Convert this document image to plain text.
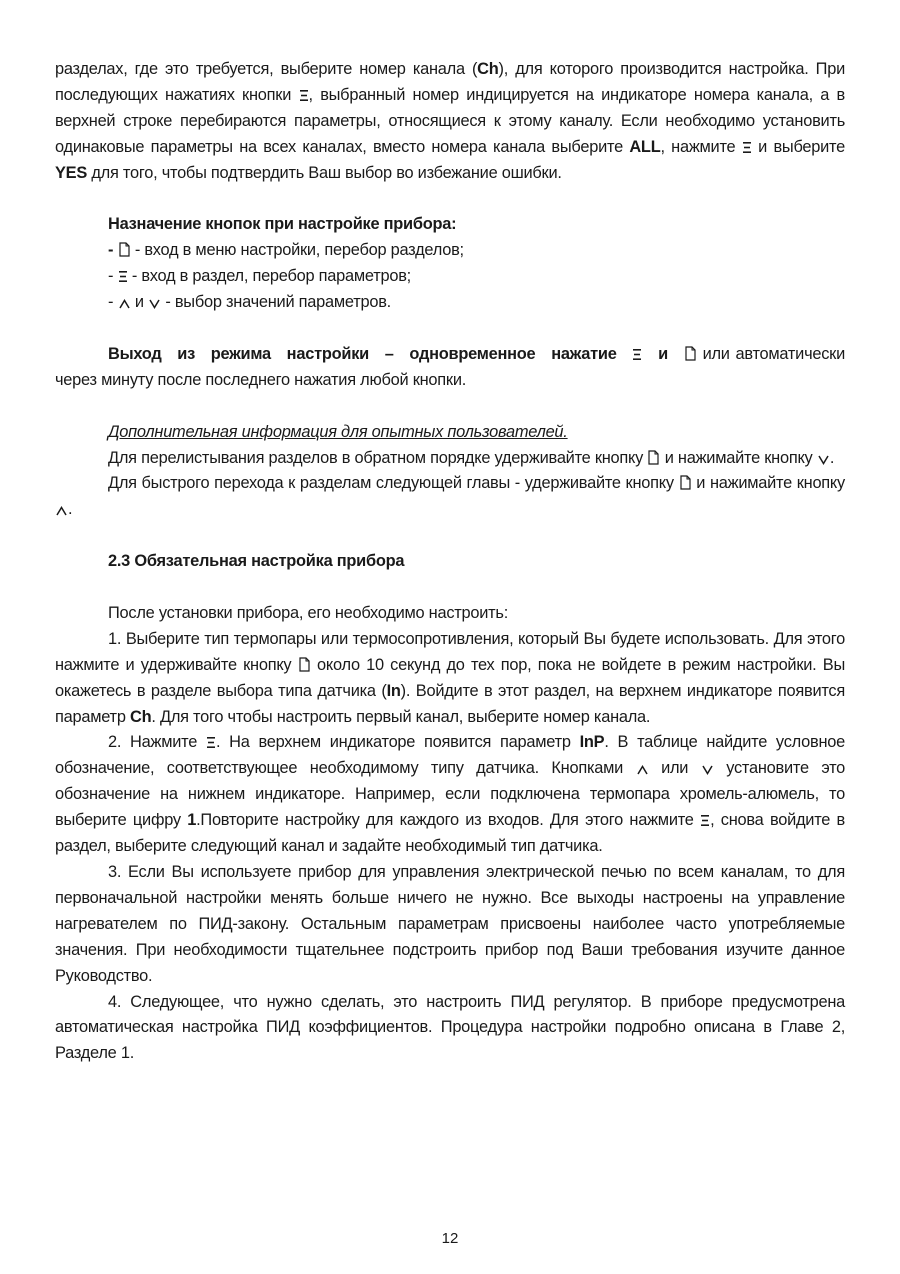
разделах, где это требуется, выберите номер канала (Ch), для которого производится настройка. При последующих нажатиях кнопки
, выбранный номер индицируется на индикаторе номера канала, а в верхней строке перебираются параметры, относящиеся к этому каналу. Если необходимо установить одинаковые параметры на всех каналах, вместо номера канала выберите ALL, нажмите
и выберите YES для того, чтобы подтвердить Ваш выбор во избежание ошибки.

Назначение кнопок при настройке прибора:
-
- вход в меню настройки, перебор разделов;
-
- вход в раздел, перебор параметров;
-
и
- выбор значений параметров.

Выход из режима настройки – одновременное нажатие
и
или автоматически через минуту после последнего нажатия любой кнопки.

Дополнительная информация для опытных пользователей.

Для перелистывания разделов в обратном порядке удерживайте кнопку
и нажимайте кнопку
.

Для быстрого перехода к разделам следующей главы - удерживайте кнопку
и нажимайте кнопку
.

2.3 Обязательная настройка прибора

После установки прибора, его необходимо настроить:

1. Выберите тип термопары или термосопротивления, который Вы будете использовать. Для этого нажмите и удерживайте кнопку
около 10 секунд до тех пор, пока не войдете в режим настройки. Вы окажетесь в разделе выбора типа датчика (In). Войдите в этот раздел, на верхнем индикаторе появится параметр Ch. Для того чтобы настроить первый канал, выберите номер канала.

2. Нажмите
. На верхнем индикаторе появится параметр InP. В таблице найдите условное обозначение, соответствующее необходимому типу датчика. Кнопками
или
установите это обозначение на нижнем индикаторе. Например, если подключена термопара хромель-алюмель, то выберите цифру 1.Повторите настройку для каждого из входов. Для этого нажмите
, снова войдите в раздел, выберите следующий канал и задайте необходимый тип датчика.

3. Если Вы используете прибор для управления электрической печью по всем каналам, то для первоначальной настройки менять больше ничего не нужно. Все выходы настроены на управление нагревателем по ПИД-закону. Остальным параметрам присвоены наиболее часто употребляемые значения. При необходимости тщательнее подстроить прибор под Ваши требования изучите данное Руководство.

4. Следующее, что нужно сделать, это настроить ПИД регулятор. В приборе предусмотрена автоматическая настройка ПИД коэффициентов. Процедура настройки подробно описана в Главе 2, Разделе 1.

12
